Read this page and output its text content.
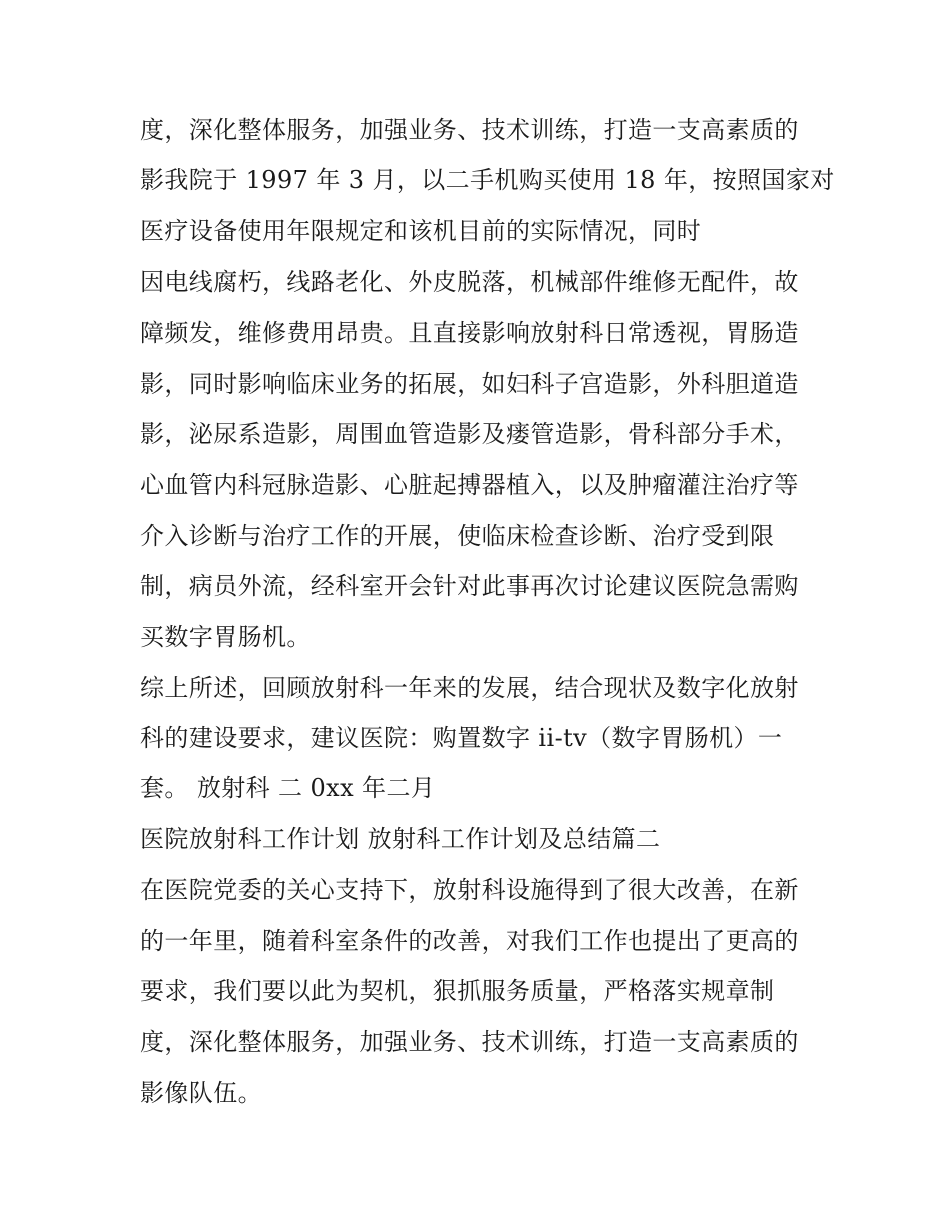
度，深化整体服务，加强业务、技术训练，打造一支高素质的
影我院于 1997 年 3 月，以二手机购买使用 18 年，按照国家对
医疗设备使用年限规定和该机目前的实际情况，同时
因电线腐朽，线路老化、外皮脱落，机械部件维修无配件，故
障频发，维修费用昂贵。且直接影响放射科日常透视，胃肠造
影，同时影响临床业务的拓展，如妇科子宫造影，外科胆道造
影，泌尿系造影，周围血管造影及瘘管造影，骨科部分手术，
心血管内科冠脉造影、心脏起搏器植入，以及肿瘤灌注治疗等
介入诊断与治疗工作的开展，使临床检查诊断、治疗受到限
制，病员外流，经科室开会针对此事再次讨论建议医院急需购
买数字胃肠机。
综上所述，回顾放射科一年来的发展，结合现状及数字化放射
科的建设要求，建议医院：购置数字 ii-tv（数字胃肠机）一
套。 放射科 二 0xx 年二月
医院放射科工作计划 放射科工作计划及总结篇二
在医院党委的关心支持下，放射科设施得到了很大改善，在新
的一年里，随着科室条件的改善，对我们工作也提出了更高的
要求，我们要以此为契机，狠抓服务质量，严格落实规章制
度，深化整体服务，加强业务、技术训练，打造一支高素质的
影像队伍。
